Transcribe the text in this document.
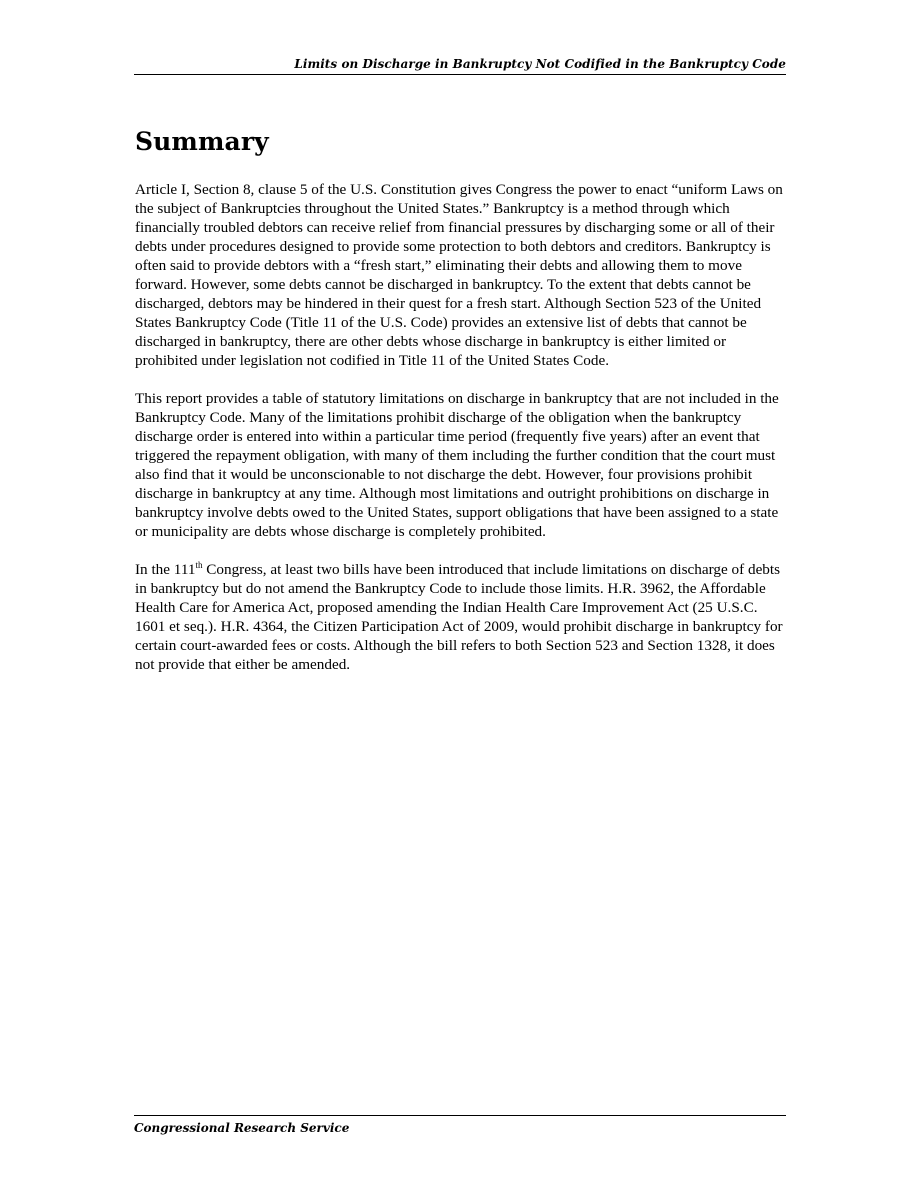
Limits on Discharge in Bankruptcy Not Codified in the Bankruptcy Code
Summary

Article I, Section 8, clause 5 of the U.S. Constitution gives Congress the power to enact “uniform Laws on the subject of Bankruptcies throughout the United States.” Bankruptcy is a method through which financially troubled debtors can receive relief from financial pressures by discharging some or all of their debts under procedures designed to provide some protection to both debtors and creditors. Bankruptcy is often said to provide debtors with a “fresh start,” eliminating their debts and allowing them to move forward. However, some debts cannot be discharged in bankruptcy. To the extent that debts cannot be discharged, debtors may be hindered in their quest for a fresh start. Although Section 523 of the United States Bankruptcy Code (Title 11 of the U.S. Code) provides an extensive list of debts that cannot be discharged in bankruptcy, there are other debts whose discharge in bankruptcy is either limited or prohibited under legislation not codified in Title 11 of the United States Code.

This report provides a table of statutory limitations on discharge in bankruptcy that are not included in the Bankruptcy Code. Many of the limitations prohibit discharge of the obligation when the bankruptcy discharge order is entered into within a particular time period (frequently five years) after an event that triggered the repayment obligation, with many of them including the further condition that the court must also find that it would be unconscionable to not discharge the debt. However, four provisions prohibit discharge in bankruptcy at any time. Although most limitations and outright prohibitions on discharge in bankruptcy involve debts owed to the United States, support obligations that have been assigned to a state or municipality are debts whose discharge is completely prohibited.

In the 111th Congress, at least two bills have been introduced that include limitations on discharge of debts in bankruptcy but do not amend the Bankruptcy Code to include those limits. H.R. 3962, the Affordable Health Care for America Act, proposed amending the Indian Health Care Improvement Act (25 U.S.C. 1601 et seq.). H.R. 4364, the Citizen Participation Act of 2009, would prohibit discharge in bankruptcy for certain court-awarded fees or costs. Although the bill refers to both Section 523 and Section 1328, it does not provide that either be amended.

Congressional Research Service
